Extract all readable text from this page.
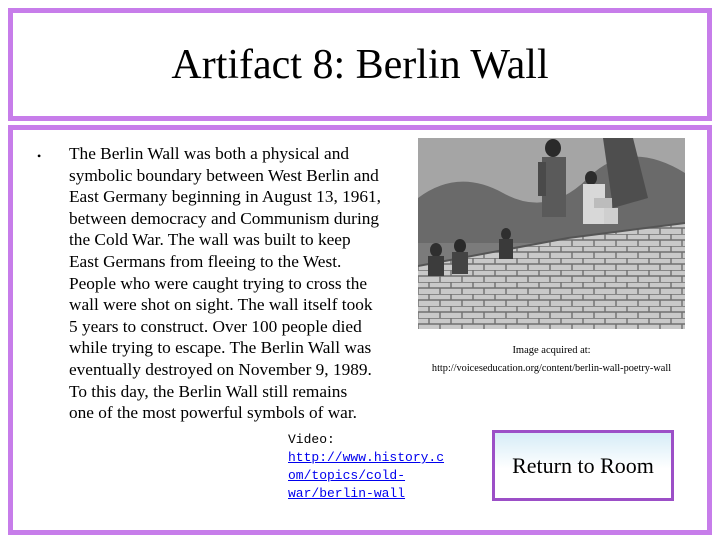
Artifact 8: Berlin Wall
• The Berlin Wall was both a physical and
symbolic boundary between West Berlin and
East Germany beginning in August 13, 1961,
between democracy and Communism during
the Cold War. The wall was built to keep
East Germans from fleeing to the West.
People who were caught trying to cross the
wall were shot on sight. The wall itself took
5 years to construct. Over 100 people died
while trying to escape. The Berlin Wall was
eventually destroyed on November 9, 1989.
To this day, the Berlin Wall still remains
one of the most powerful symbols of war.
Image acquired at:
http://voiceseducation.org/content/berlin-wall-poetry-wall
Video:
http://www.history.c
om/topics/cold-
war/berlin-wall
Return to Room
